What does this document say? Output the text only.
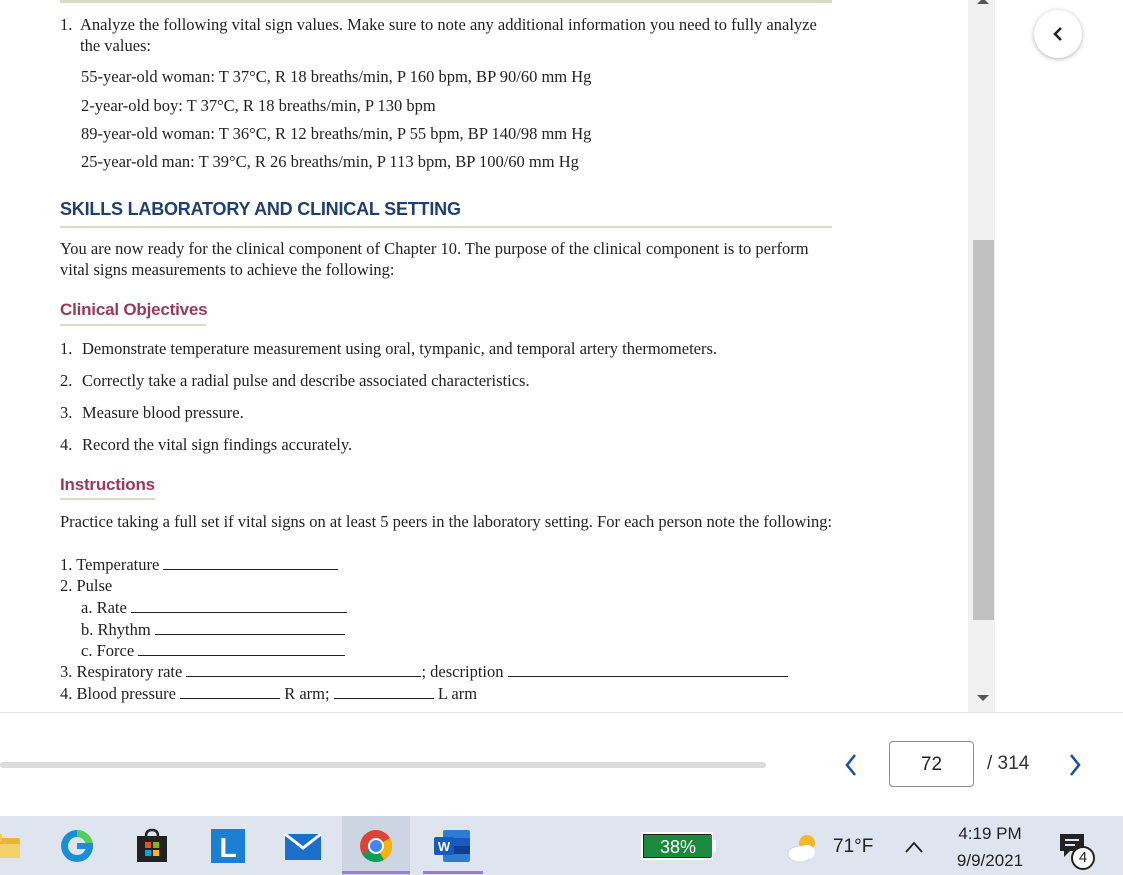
1. Analyze the following vital sign values. Make sure to note any additional information you need to fully analyze the values:
55-year-old woman: T 37°C, R 18 breaths/min, P 160 bpm, BP 90/60 mm Hg
2-year-old boy: T 37°C, R 18 breaths/min, P 130 bpm
89-year-old woman: T 36°C, R 12 breaths/min, P 55 bpm, BP 140/98 mm Hg
25-year-old man: T 39°C, R 26 breaths/min, P 113 bpm, BP 100/60 mm Hg
SKILLS LABORATORY AND CLINICAL SETTING
You are now ready for the clinical component of Chapter 10. The purpose of the clinical component is to perform vital signs measurements to achieve the following:
Clinical Objectives
1. Demonstrate temperature measurement using oral, tympanic, and temporal artery thermometers.
2. Correctly take a radial pulse and describe associated characteristics.
3. Measure blood pressure.
4. Record the vital sign findings accurately.
Instructions
Practice taking a full set if vital signs on at least 5 peers in the laboratory setting. For each person note the following:
1. Temperature
2. Pulse
a. Rate
b. Rhythm
c. Force
3. Respiratory rate	; description
4. Blood pressure	R arm;	L arm
72	/ 314
L	W	38%	71°F
4:19 PM
9/9/2021	4
